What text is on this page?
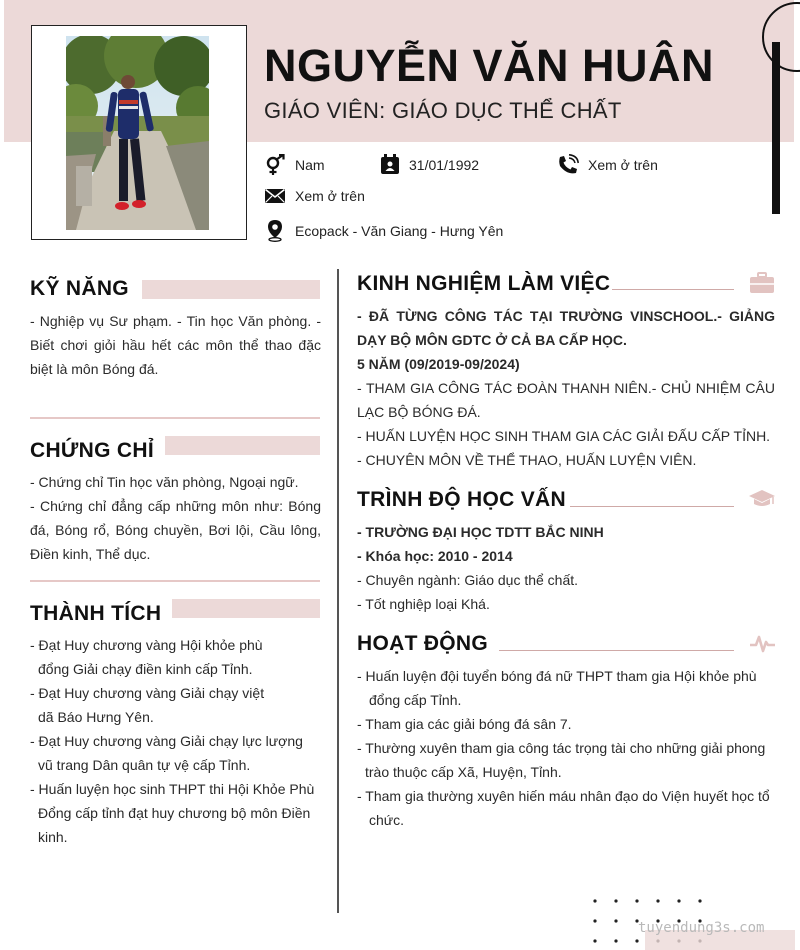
NGUYỄN VĂN HUÂN
GIÁO VIÊN: GIÁO DỤC THỂ CHẤT
Nam	31/01/1992	Xem ở trên
Xem ở trên
Ecopack - Văn Giang - Hưng Yên
KỸ NĂNG

- Nghiệp vụ Sư phạm. - Tin học Văn phòng. - Biết chơi giỏi hầu hết các môn thể thao đặc biệt là môn Bóng đá.

CHỨNG CHỈ

- Chứng chỉ Tin học văn phòng, Ngoại ngữ.

- Chứng chỉ đẳng cấp những môn như: Bóng đá, Bóng rổ, Bóng chuyền, Bơi lội, Cầu lông, Điền kinh, Thể dục.

THÀNH TÍCH

- Đạt Huy chương vàng Hội khỏe phù đổng Giải chạy điền kinh cấp Tỉnh.

- Đạt Huy chương vàng Giải chạy việt dã Báo Hưng Yên.

- Đạt Huy chương vàng Giải chạy lực lượng vũ trang Dân quân tự vệ cấp Tỉnh.

- Huấn luyện học sinh THPT thi Hội Khỏe Phù Đổng cấp tỉnh đạt huy chương bộ môn Điền kinh.

KINH NGHIỆM LÀM VIỆC

- ĐÃ TỪNG CÔNG TÁC TẠI TRƯỜNG VINSCHOOL.- GIẢNG DẠY BỘ MÔN GDTC Ở CẢ BA CẤP HỌC.

5 NĂM (09/2019-09/2024)

- THAM GIA CÔNG TÁC ĐOÀN THANH NIÊN.- CHỦ NHIỆM CÂU LẠC BỘ BÓNG ĐÁ.

- HUẤN LUYỆN HỌC SINH THAM GIA CÁC GIẢI ĐẤU CẤP TỈNH.

- CHUYÊN MÔN VỀ THỂ THAO, HUẤN LUYỆN VIÊN.

TRÌNH ĐỘ HỌC VẤN

- TRƯỜNG ĐẠI HỌC TDTT BẮC NINH

- Khóa học: 2010 - 2014

- Chuyên ngành: Giáo dục thể chất.

- Tốt nghiệp loại Khá.

HOẠT ĐỘNG

- Huấn luyện đội tuyển bóng đá nữ THPT tham gia Hội khỏe phù đổng cấp Tỉnh.

- Tham gia các giải bóng đá sân 7.

- Thường xuyên tham gia công tác trọng tài cho những giải phong trào thuộc cấp Xã, Huyện, Tỉnh.

- Tham gia thường xuyên hiến máu nhân đạo do Viện huyết học tổ chức.

tuyendung3s.com
